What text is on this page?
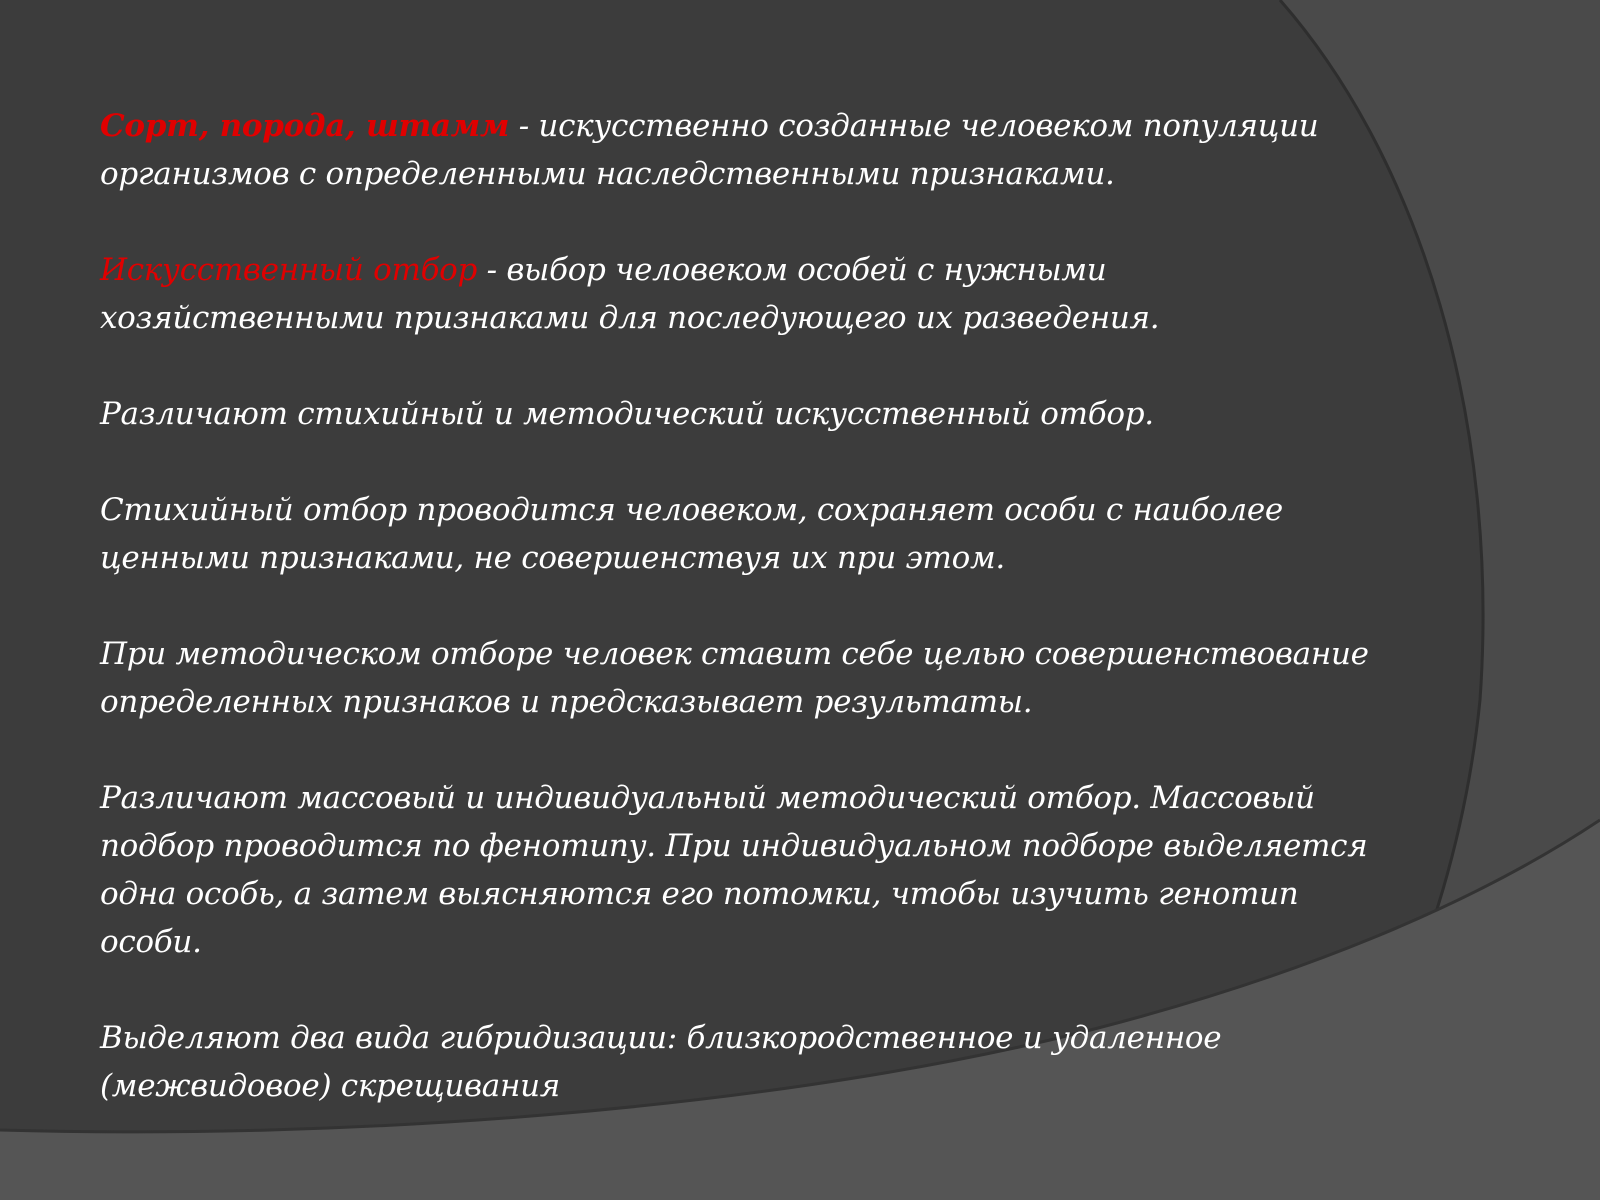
Сорт, порода, штамм - искусственно созданные человеком популяции организмов с определенными наследственными признаками.

Искусственный отбор - выбор человеком особей с нужными хозяйственными признаками для последующего их разведения.

Различают стихийный и методический искусственный отбор.

Стихийный отбор проводится человеком, сохраняет особи с наиболее ценными признаками, не совершенствуя их при этом.

При методическом отборе человек ставит себе целью совершенствование определенных признаков и предсказывает результаты.

Различают массовый и индивидуальный методический отбор. Массовый подбор проводится по фенотипу. При индивидуальном подборе выделяется одна особь, а затем выясняются его потомки, чтобы изучить генотип особи.

Выделяют два вида гибридизации: близкородственное и удаленное (межвидовое) скрещивания
